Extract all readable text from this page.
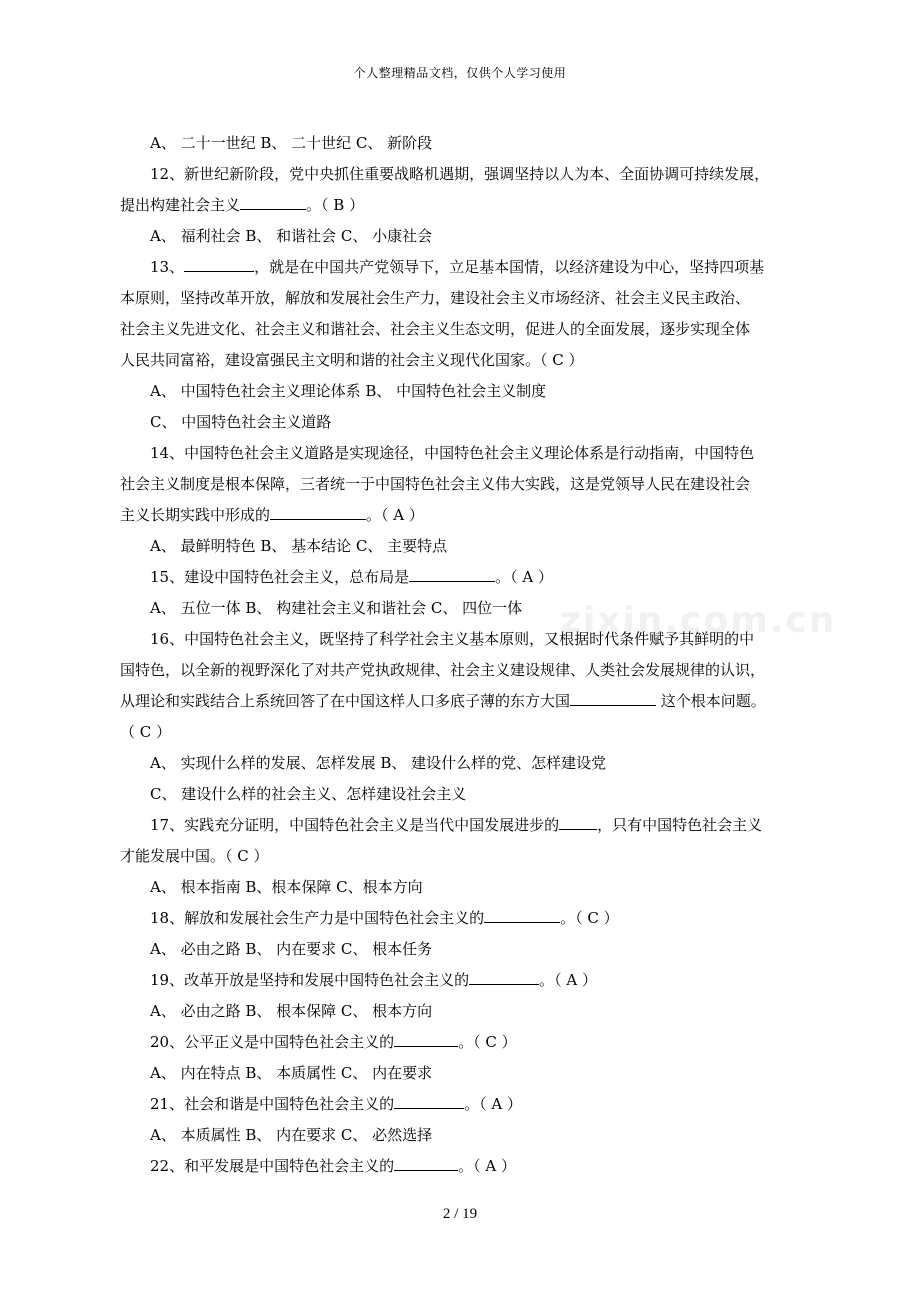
个人整理精品文档，仅供个人学习使用
zixin.com.cn
A、 二十一世纪 B、 二十世纪 C、 新阶段
12、新世纪新阶段，党中央抓住重要战略机遇期，强调坚持以人为本、全面协调可持续发展，
提出构建社会主义	。（ B ）
A、 福利社会 B、 和谐社会 C、 小康社会
13、	，就是在中国共产党领导下，立足基本国情，以经济建设为中心，坚持四项基
本原则，坚持改革开放，解放和发展社会生产力，建设社会主义市场经济、社会主义民主政治、
社会主义先进文化、社会主义和谐社会、社会主义生态文明，促进人的全面发展，逐步实现全体
人民共同富裕，建设富强民主文明和谐的社会主义现代化国家。（ C ）
A、 中国特色社会主义理论体系 B、 中国特色社会主义制度
C、 中国特色社会主义道路
14、中国特色社会主义道路是实现途径，中国特色社会主义理论体系是行动指南，中国特色
社会主义制度是根本保障，三者统一于中国特色社会主义伟大实践，这是党领导人民在建设社会
主义长期实践中形成的	。（ A ）
A、 最鲜明特色 B、 基本结论 C、 主要特点
15、建设中国特色社会主义，总布局是	。（ A ）
A、 五位一体 B、 构建社会主义和谐社会 C、 四位一体
16、中国特色社会主义，既坚持了科学社会主义基本原则，又根据时代条件赋予其鲜明的中
国特色，以全新的视野深化了对共产党执政规律、社会主义建设规律、人类社会发展规律的认识，
从理论和实践结合上系统回答了在中国这样人口多底子薄的东方大国	这个根本问题。
（ C ）
A、 实现什么样的发展、怎样发展 B、 建设什么样的党、怎样建设党
C、 建设什么样的社会主义、怎样建设社会主义
17、实践充分证明，中国特色社会主义是当代中国发展进步的	，只有中国特色社会主义
才能发展中国。（ C ）
A、 根本指南 B、根本保障 C、根本方向
18、解放和发展社会生产力是中国特色社会主义的	。（ C ）
A、 必由之路 B、 内在要求 C、 根本任务
19、改革开放是坚持和发展中国特色社会主义的	。（ A ）
A、 必由之路 B、 根本保障 C、 根本方向
20、公平正义是中国特色社会主义的	。（ C ）
A、 内在特点 B、 本质属性 C、 内在要求
21、社会和谐是中国特色社会主义的	。（ A ）
A、 本质属性 B、 内在要求 C、 必然选择
22、和平发展是中国特色社会主义的	。（ A ）
2 / 19
